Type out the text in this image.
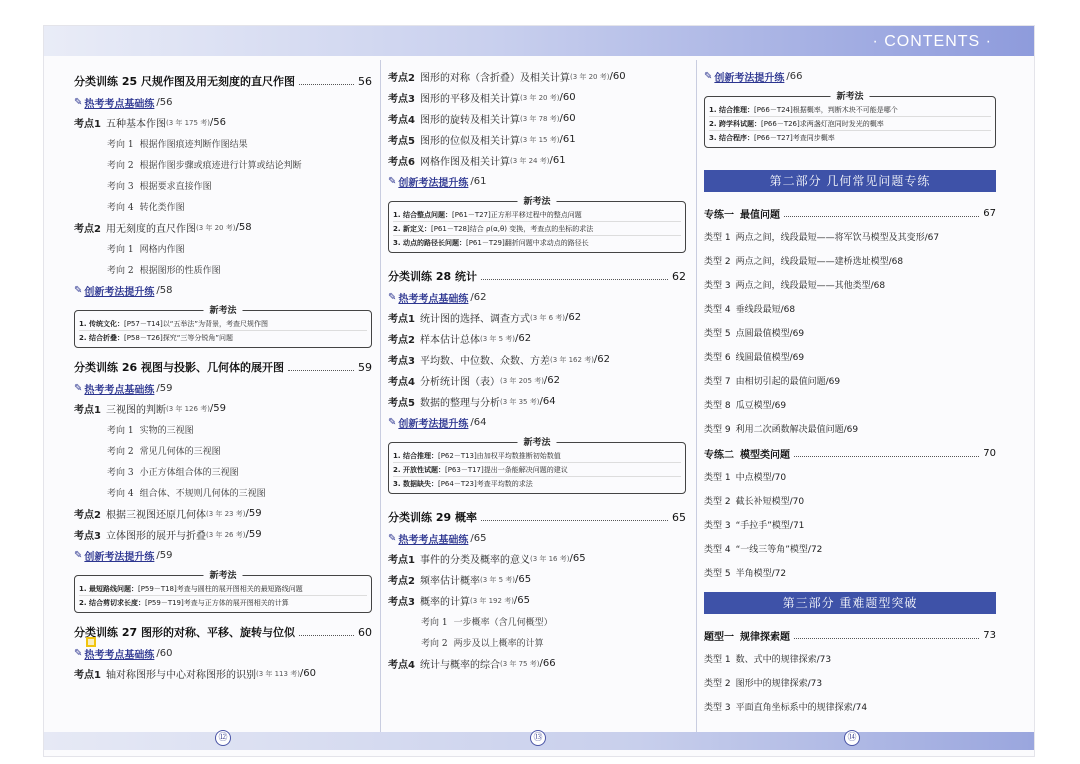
· CONTENTS ·
分类训练 25 尺规作图及用无刻度的直尺作图	56
✎ 热考考点基础练 /56
考点1 五种基本作图 (3 年 175 考) /56
考向 1 根据作图痕迹判断作图结果
考向 2 根据作图步骤或痕迹进行计算或结论判断
考向 3 根据要求直接作图
考向 4 转化类作图
考点2 用无刻度的直尺作图 (3 年 20 考) /58
考向 1 网格内作图
考向 2 根据图形的性质作图
✎ 创新考法提升练 /58
新考法
1. 传统文化：[P57－T14]以“五举法”为背景，考查尺规作图
2. 结合折叠：[P58－T26]探究“三等分锐角”问题
分类训练 26 视图与投影、几何体的展开图	59
✎ 热考考点基础练 /59
考点1 三视图的判断 (3 年 126 考) /59
考向 1 实物的三视图
考向 2 常见几何体的三视图
考向 3 小正方体组合体的三视图
考向 4 组合体、不规则几何体的三视图
考点2 根据三视图还原几何体 (3 年 23 考) /59
考点3 立体图形的展开与折叠 (3 年 26 考) /59
✎ 创新考法提升练 /59
新考法
1. 最短路线问题：[P59－T18]考查与圆柱的展开图相关的最短路线问题
2. 结合剪切求长度：[P59－T19]考查与正方体的展开图相关的计算
分类训练 27 图形的对称、平移、旋转与位似	60
✎ 热考考点基础练 /60
考点1 轴对称图形与中心对称图形的识别 (3 年 113 考) /60
考点2 图形的对称（含折叠）及相关计算 (3 年 20 考) /60
考点3 图形的平移及相关计算 (3 年 20 考) /60
考点4 图形的旋转及相关计算 (3 年 78 考) /60
考点5 图形的位似及相关计算 (3 年 15 考) /61
考点6 网格作图及相关计算 (3 年 24 考) /61
✎ 创新考法提升练 /61
新考法
1. 结合整点问题：[P61－T27]正方形平移过程中的整点问题
2. 新定义：[P61－T28]结合 ρ(α,θ) 变换，考查点的坐标的求法
3. 动点的路径长问题：[P61－T29]翻折问题中求动点的路径长
分类训练 28 统计	62
✎ 热考考点基础练 /62
考点1 统计图的选择、调查方式 (3 年 6 考) /62
考点2 样本估计总体 (3 年 5 考) /62
考点3 平均数、中位数、众数、方差 (3 年 162 考) /62
考点4 分析统计图（表） (3 年 205 考) /62
考点5 数据的整理与分析 (3 年 35 考) /64
✎ 创新考法提升练 /64
新考法
1. 结合推理：[P62－T13]由加权平均数推断初始数值
2. 开放性试题：[P63－T17]提出一条能解决问题的建议
3. 数据缺失：[P64－T23]考查平均数的求法
分类训练 29 概率	65
✎ 热考考点基础练 /65
考点1 事件的分类及概率的意义 (3 年 16 考) /65
考点2 频率估计概率 (3 年 5 考) /65
考点3 概率的计算 (3 年 192 考) /65
考向 1 一步概率（含几何概型）
考向 2 两步及以上概率的计算
考点4 统计与概率的综合 (3 年 75 考) /66
✎ 创新考法提升练 /66
新考法
1. 结合推理：[P66－T24]根据概率，判断木块不可能是哪个
2. 跨学科试题：[P66－T26]求两盏灯泡同时发光的概率
3. 结合程序：[P66－T27]考查同步概率
第二部分 几何常见问题专练
专练一 最值问题	67
类型 1 两点之间，线段最短——将军饮马模型及其变形/67
类型 2 两点之间，线段最短——建桥选址模型/68
类型 3 两点之间，线段最短——其他类型/68
类型 4 垂线段最短/68
类型 5 点圆最值模型/69
类型 6 线圆最值模型/69
类型 7 由相切引起的最值问题/69
类型 8 瓜豆模型/69
类型 9 利用二次函数解决最值问题/69
专练二 模型类问题	70
类型 1 中点模型/70
类型 2 截长补短模型/70
类型 3 “手拉手”模型/71
类型 4 “一线三等角”模型/72
类型 5 半角模型/72
第三部分 重难题型突破
题型一 规律探索题	73
类型 1 数、式中的规律探索/73
类型 2 图形中的规律探索/73
类型 3 平面直角坐标系中的规律探索/74
⑫	⑬	⑭
